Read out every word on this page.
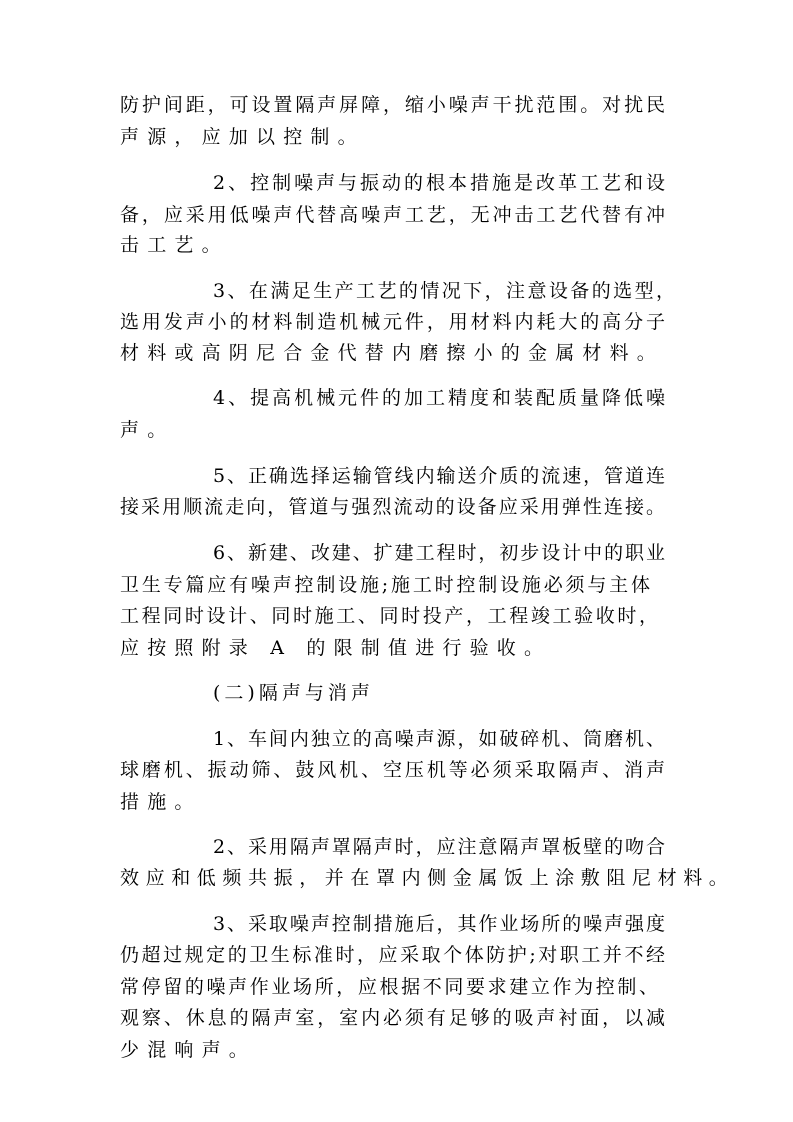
防护间距，可设置隔声屏障，缩小噪声干扰范围。对扰民
声源，应加以控制。
2、控制噪声与振动的根本措施是改革工艺和设
备，应采用低噪声代替高噪声工艺，无冲击工艺代替有冲
击工艺。
3、在满足生产工艺的情况下，注意设备的选型，
选用发声小的材料制造机械元件，用材料内耗大的高分子
材料或高阴尼合金代替内磨擦小的金属材料。
4、提高机械元件的加工精度和装配质量降低噪
声。
5、正确选择运输管线内输送介质的流速，管道连
接采用顺流走向，管道与强烈流动的设备应采用弹性连接。
6、新建、改建、扩建工程时，初步设计中的职业
卫生专篇应有噪声控制设施;施工时控制设施必须与主体
工程同时设计、同时施工、同时投产，工程竣工验收时，
应按照附录 A 的限制值进行验收。
(二)隔声与消声
1、车间内独立的高噪声源，如破碎机、筒磨机、
球磨机、振动筛、鼓风机、空压机等必须采取隔声、消声
措施。
2、采用隔声罩隔声时，应注意隔声罩板壁的吻合
效应和低频共振，并在罩内侧金属饭上涂敷阻尼材料。
3、采取噪声控制措施后，其作业场所的噪声强度
仍超过规定的卫生标准时，应采取个体防护;对职工并不经
常停留的噪声作业场所，应根据不同要求建立作为控制、
观察、休息的隔声室，室内必须有足够的吸声衬面，以减
少混响声。
